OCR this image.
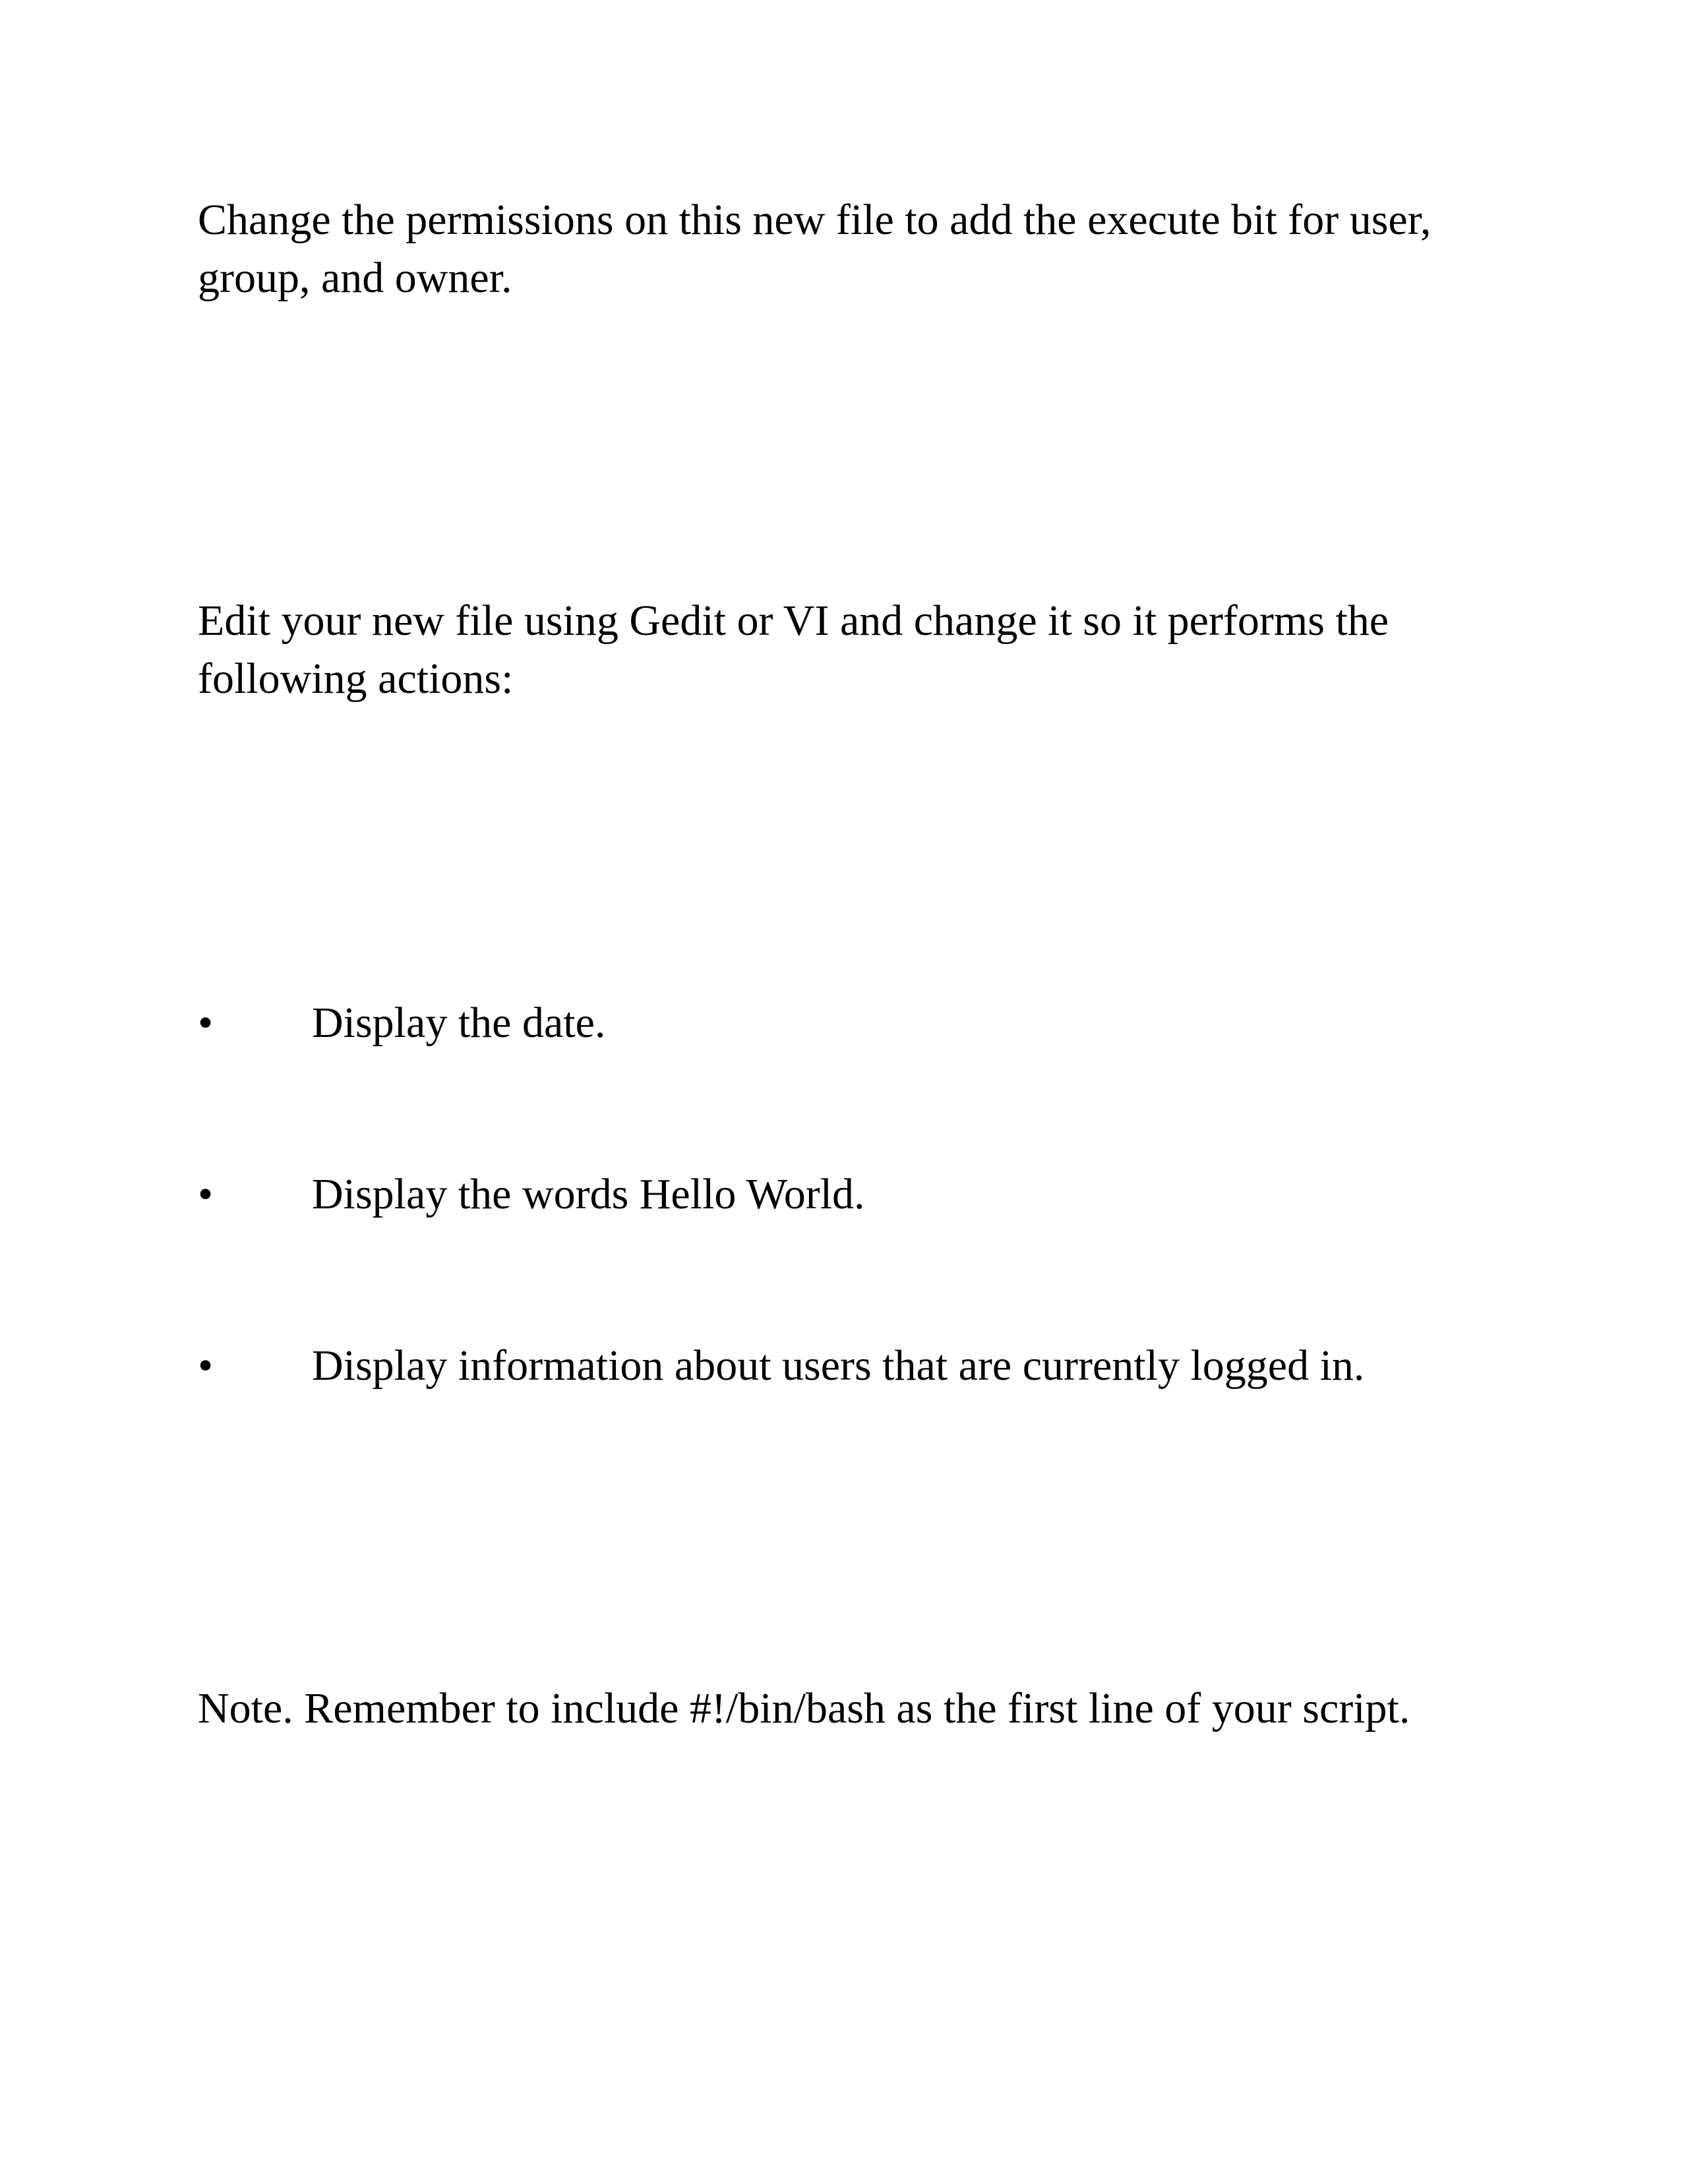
Change the permissions on this new file to add the execute bit for user, group, and owner.

Edit your new file using Gedit or VI and change it so it performs the following actions:

• Display the date.
• Display the words Hello World.
• Display information about users that are currently logged in.

Note. Remember to include #!/bin/bash as the first line of your script.
